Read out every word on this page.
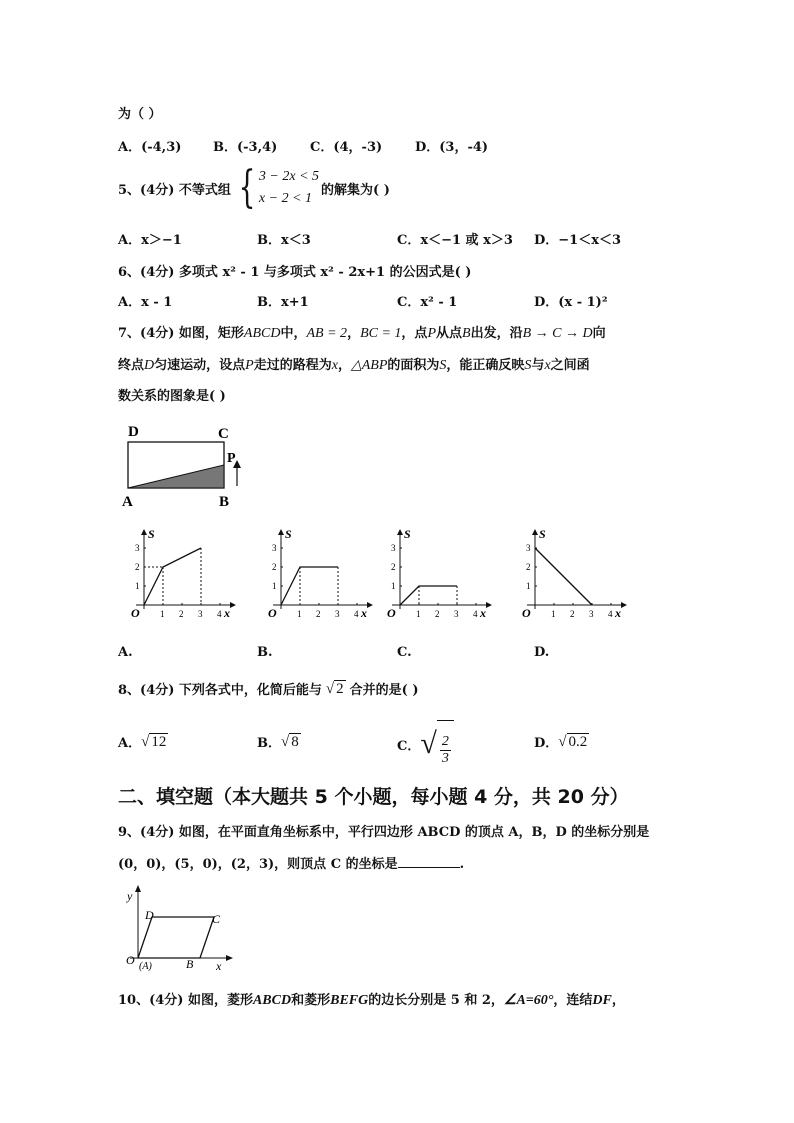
为（ ）
A．(-4,3) B．(-3,4)	C．(4，-3)	D．(3，-4)
5、(4分) 不等式组 { 3 − 2x < 5
x − 2 < 1
的解集为( )
A．x＞−1	B．x＜3	C．x＜−1 或 x＞3 D．−1＜x＜3
6、(4分) 多项式 x² - 1 与多项式 x² - 2x+1 的公因式是( )
A．x - 1	B．x+1	C．x² - 1	D．(x - 1)²
7、(4分) 如图，矩形ABCD中，AB = 2，BC = 1，点P从点B出发，沿B → C → D向
终点D匀速运动，设点P走过的路程为x，△ABP的面积为S，能正确反映S与x之间函
数关系的图象是( )
D	C
A	B
P
S
x
O 1 2 3 4
1
2
3
S
x
O 1 2 3 4
1
2
3
S
x
O 1 2 3 4
1
2
3
S
x
O 1 2 3 4
1
2
3
A.	B.	C.	D.
8、(4分) 下列各式中，化简后能与 √ 2 合并的是( )
A． √ 12	B． √ 8	C． √ $\frac{2}{3}$	D． √ 0.2
二、填空题（本大题共 5 个小题，每小题 4 分，共 20 分）
9、(4分) 如图，在平面直角坐标系中，平行四边形 ABCD 的顶点 A，B，D 的坐标分别是
(0，0)，(5，0)，(2，3)，则顶点 C 的坐标是	.
y
x
O (A)	B
C
D
10、(4分) 如图，菱形ABCD和菱形BEFG的边长分别是 5 和 2，∠A=60°，连结DF，
